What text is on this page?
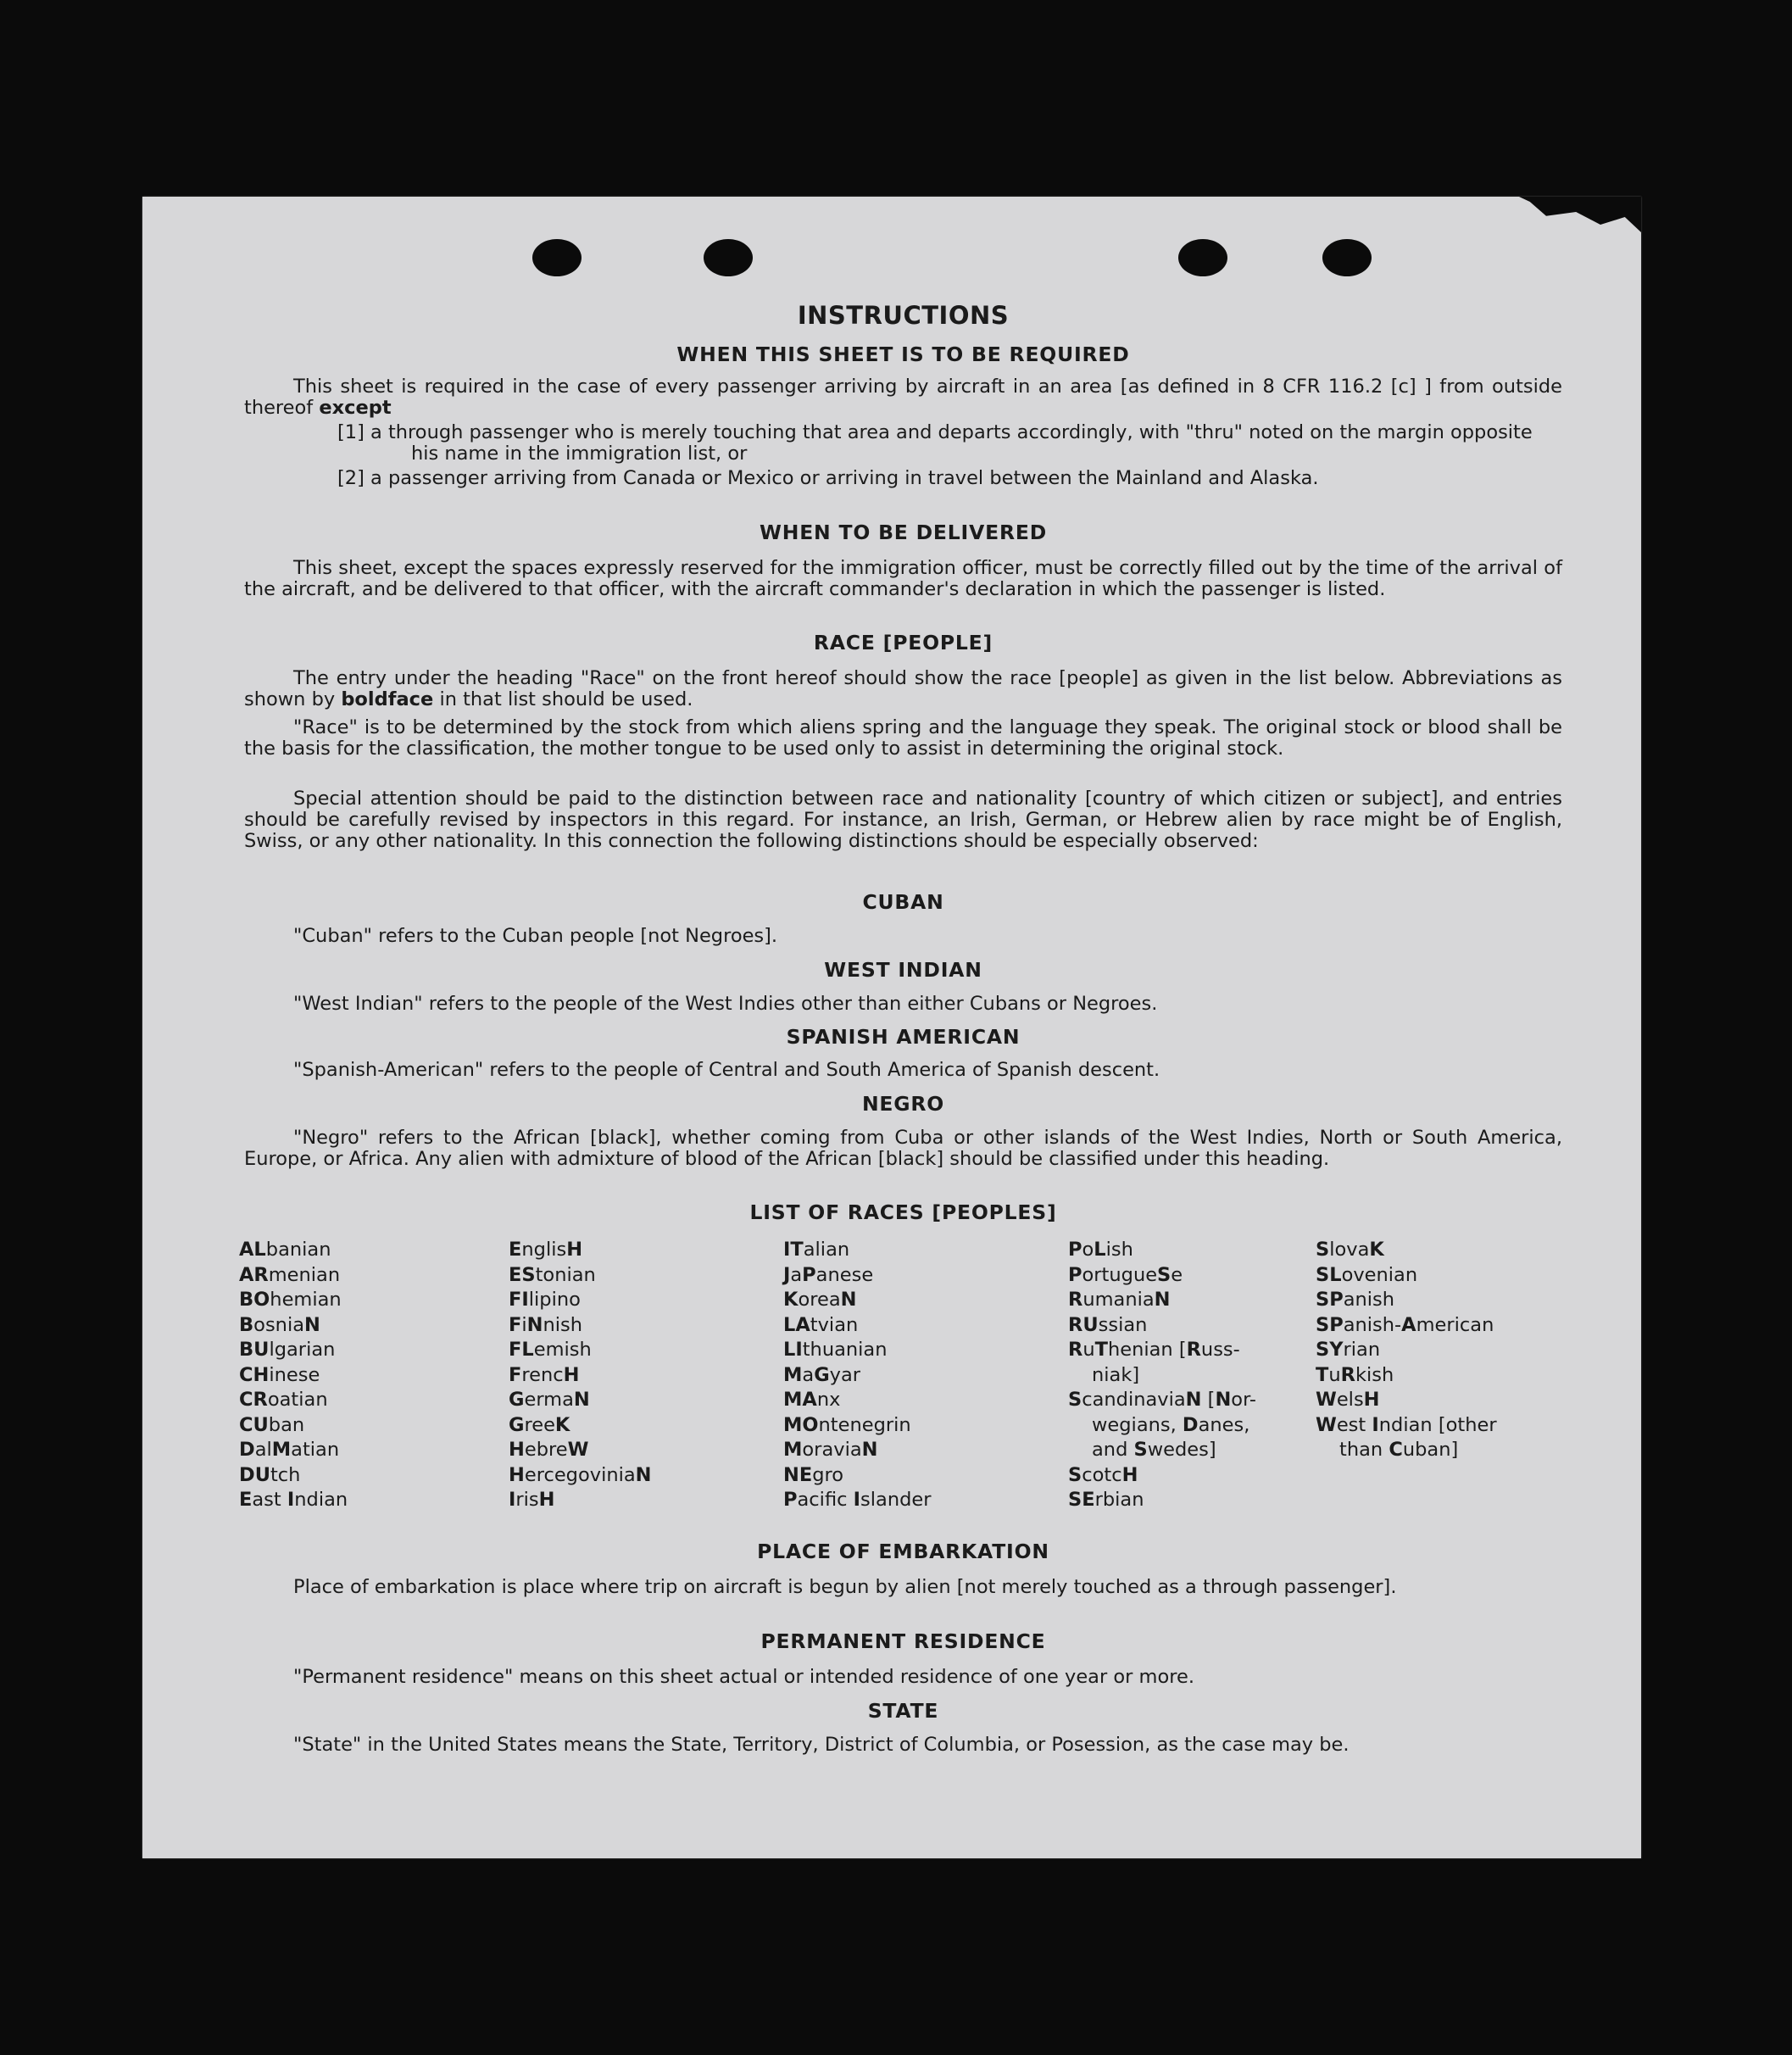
INSTRUCTIONS
WHEN THIS SHEET IS TO BE REQUIRED
This sheet is required in the case of every passenger arriving by aircraft in an area [as defined in 8 CFR 116.2 [c] ] from outside thereof except
[1] a through passenger who is merely touching that area and departs accordingly, with "thru" noted on the margin opposite his name in the immigration list, or
[2] a passenger arriving from Canada or Mexico or arriving in travel between the Mainland and Alaska.
WHEN TO BE DELIVERED
This sheet, except the spaces expressly reserved for the immigration officer, must be correctly filled out by the time of the arrival of the aircraft, and be delivered to that officer, with the aircraft commander's declaration in which the passenger is listed.
RACE [PEOPLE]
The entry under the heading "Race" on the front hereof should show the race [people] as given in the list below. Abbreviations as shown by boldface in that list should be used.
"Race" is to be determined by the stock from which aliens spring and the language they speak. The original stock or blood shall be the basis for the classification, the mother tongue to be used only to assist in determining the original stock.
Special attention should be paid to the distinction between race and nationality [country of which citizen or subject], and entries should be carefully revised by inspectors in this regard. For instance, an Irish, German, or Hebrew alien by race might be of English, Swiss, or any other nationality. In this connection the following distinctions should be especially observed:
CUBAN
"Cuban" refers to the Cuban people [not Negroes].
WEST INDIAN
"West Indian" refers to the people of the West Indies other than either Cubans or Negroes.
SPANISH AMERICAN
"Spanish-American" refers to the people of Central and South America of Spanish descent.
NEGRO
"Negro" refers to the African [black], whether coming from Cuba or other islands of the West Indies, North or South America, Europe, or Africa. Any alien with admixture of blood of the African [black] should be classified under this heading.
LIST OF RACES [PEOPLES]
ALbanian
ARmenian
BOhemian
BosniaN
BUlgarian
CHinese
CRoatian
CUban
DalMatian
DUtch
East Indian
EnglisH
EStonian
FIlipino
FiNnish
FLemish
FrencH
GermaN
GreeK
HebreW
HercegoviniaN
IrisH
ITalian
JaPanese
KoreaN
LAtvian
LIthuanian
MaGyar
MAnx
MOntenegrin
MoraviaN
NEgro
Pacifc Islander
PoLish
PortugueSe
RumaniaN
RUssian
RuThenian [Russ-
niak]
ScandinaviaN [Nor-
wegians, Danes,
and Swedes]
ScotcH
SErbian
SlovaK
SLovenian
SPanish
SPanish-American
SYrian
TuRkish
WelsH
West Indian [other
than Cuban]
PLACE OF EMBARKATION
Place of embarkation is place where trip on aircraft is begun by alien [not merely touched as a through passenger].
PERMANENT RESIDENCE
"Permanent residence" means on this sheet actual or intended residence of one year or more.
STATE
"State" in the United States means the State, Territory, District of Columbia, or Posession, as the case may be.
